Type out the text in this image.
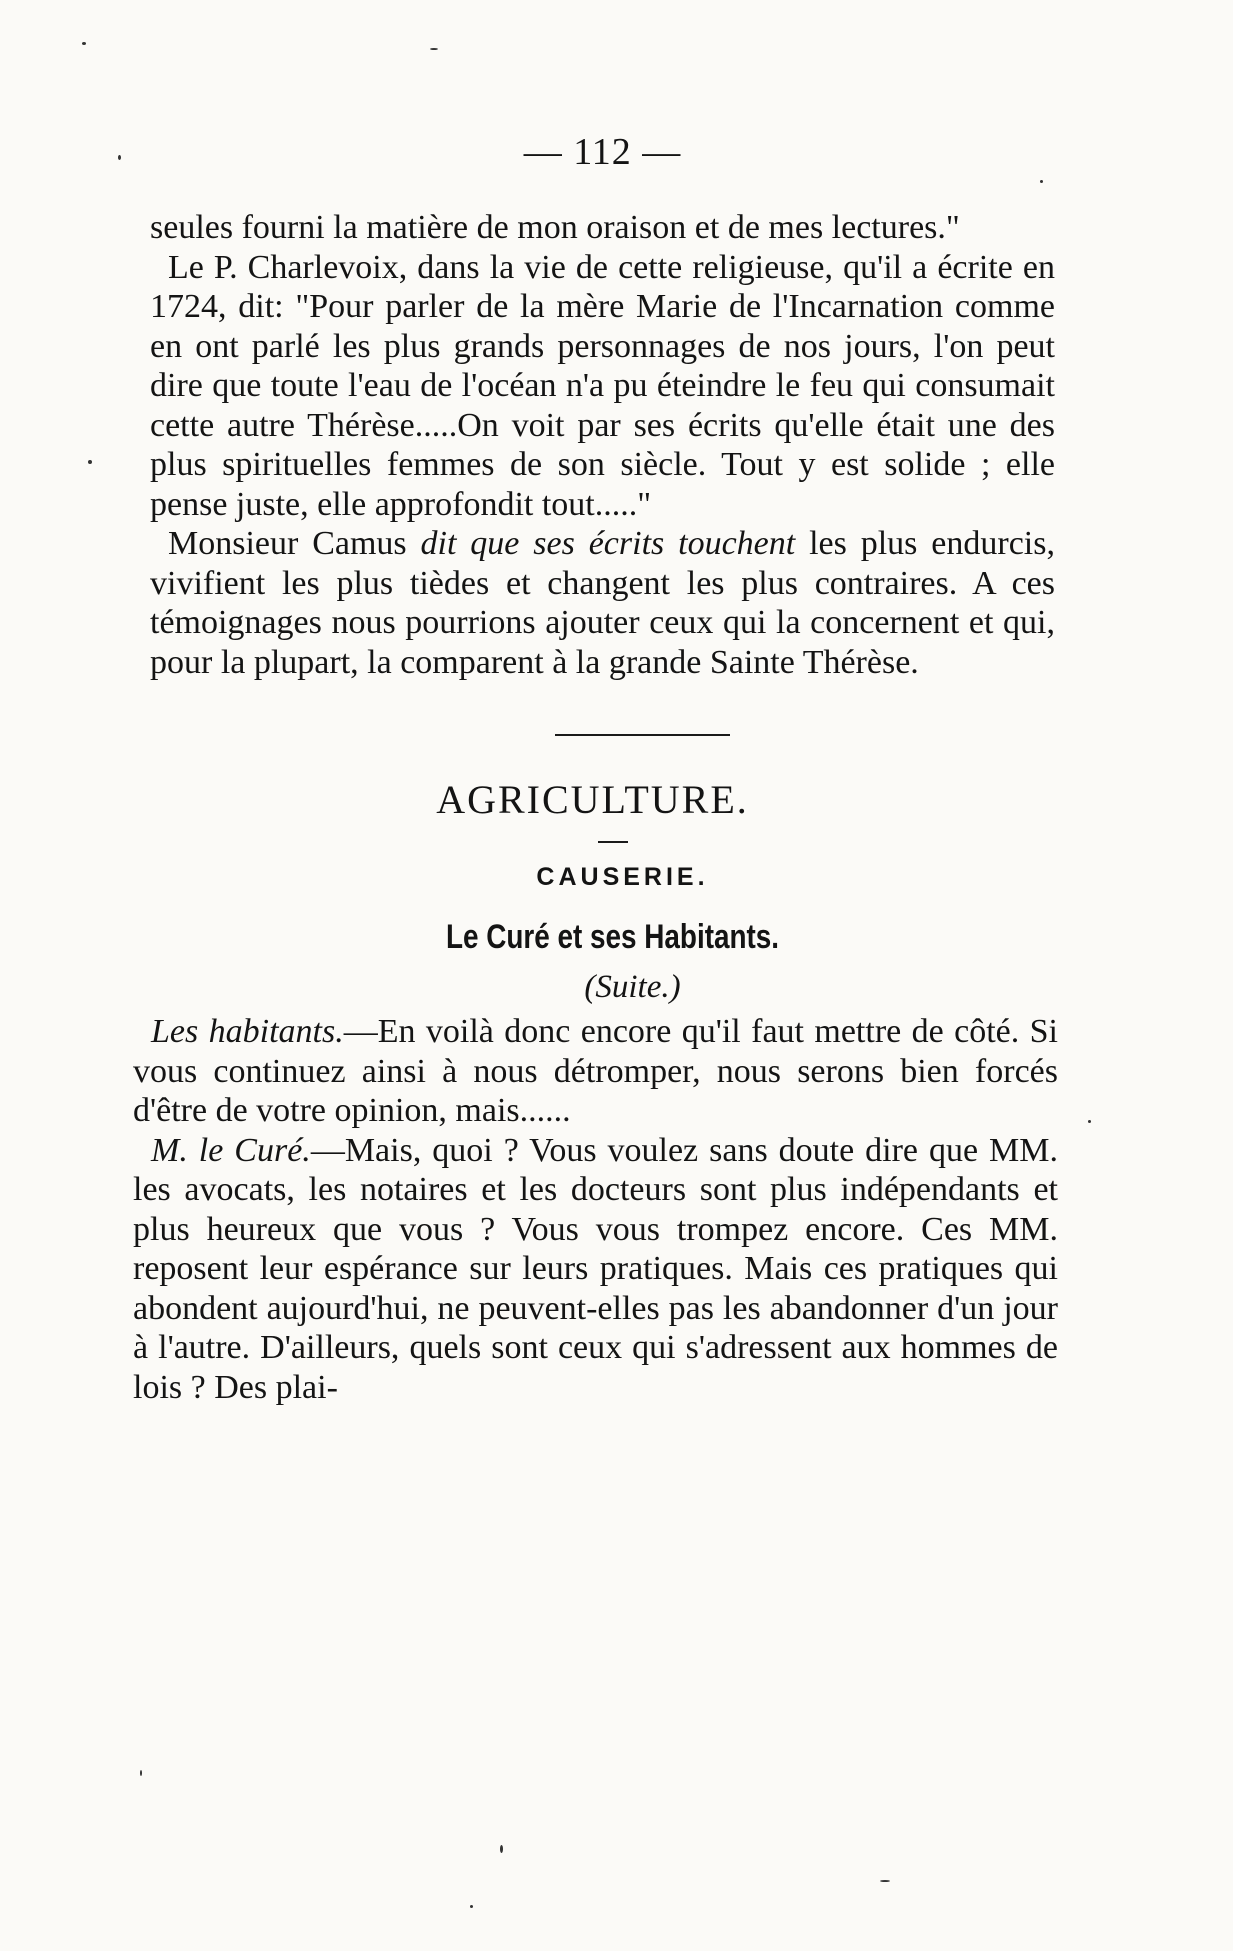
— 112 —

seules fourni la matière de mon oraison et de mes lectures."

Le P. Charlevoix, dans la vie de cette religieuse, qu'il a écrite en 1724, dit: "Pour parler de la mère Marie de l'Incarnation comme en ont parlé les plus grands personnages de nos jours, l'on peut dire que toute l'eau de l'océan n'a pu éteindre le feu qui consumait cette autre Thérèse.....On voit par ses écrits qu'elle était une des plus spirituelles femmes de son siècle. Tout y est solide ; elle pense juste, elle approfondit tout....."

Monsieur Camus dit que ses écrits touchent les plus endurcis, vivifient les plus tièdes et changent les plus contraires. A ces témoignages nous pourrions ajouter ceux qui la concernent et qui, pour la plupart, la comparent à la grande Sainte Thérèse.

AGRICULTURE.
CAUSERIE.
Le Curé et ses Habitants.
(Suite.)

Les habitants.—En voilà donc encore qu'il faut mettre de côté. Si vous continuez ainsi à nous détromper, nous serons bien forcés d'être de votre opinion, mais......

M. le Curé.—Mais, quoi ? Vous voulez sans doute dire que MM. les avocats, les notaires et les docteurs sont plus indépendants et plus heureux que vous ? Vous vous trompez encore. Ces MM. reposent leur espérance sur leurs pratiques. Mais ces pratiques qui abondent aujourd'hui, ne peuvent-elles pas les abandonner d'un jour à l'autre. D'ailleurs, quels sont ceux qui s'adressent aux hommes de lois ? Des plai-
